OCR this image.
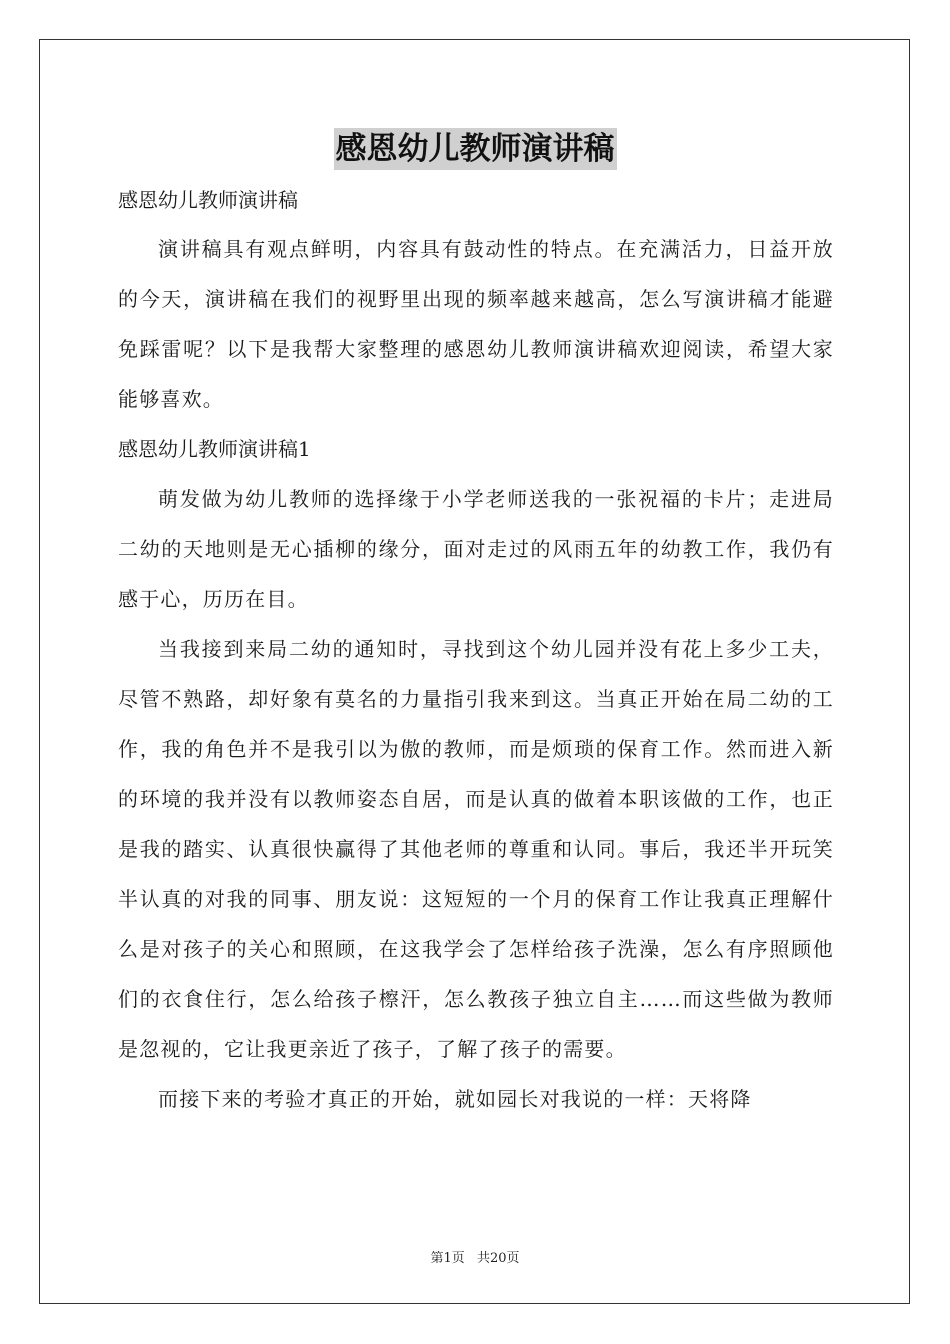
感恩幼儿教师演讲稿

感恩幼儿教师演讲稿

演讲稿具有观点鲜明，内容具有鼓动性的特点。在充满活力，日益开放的今天，演讲稿在我们的视野里出现的频率越来越高，怎么写演讲稿才能避免踩雷呢？以下是我帮大家整理的感恩幼儿教师演讲稿欢迎阅读，希望大家能够喜欢。

感恩幼儿教师演讲稿1

萌发做为幼儿教师的选择缘于小学老师送我的一张祝福的卡片；走进局二幼的天地则是无心插柳的缘分，面对走过的风雨五年的幼教工作，我仍有感于心，历历在目。

当我接到来局二幼的通知时，寻找到这个幼儿园并没有花上多少工夫，尽管不熟路，却好象有莫名的力量指引我来到这。当真正开始在局二幼的工作，我的角色并不是我引以为傲的教师，而是烦琐的保育工作。然而进入新的环境的我并没有以教师姿态自居，而是认真的做着本职该做的工作，也正是我的踏实、认真很快赢得了其他老师的尊重和认同。事后，我还半开玩笑半认真的对我的同事、朋友说：这短短的一个月的保育工作让我真正理解什么是对孩子的关心和照顾，在这我学会了怎样给孩子洗澡，怎么有序照顾他们的衣食住行，怎么给孩子檫汗，怎么教孩子独立自主……而这些做为教师是忽视的，它让我更亲近了孩子，了解了孩子的需要。

而接下来的考验才真正的开始，就如园长对我说的一样：天将降

第1页 共20页
